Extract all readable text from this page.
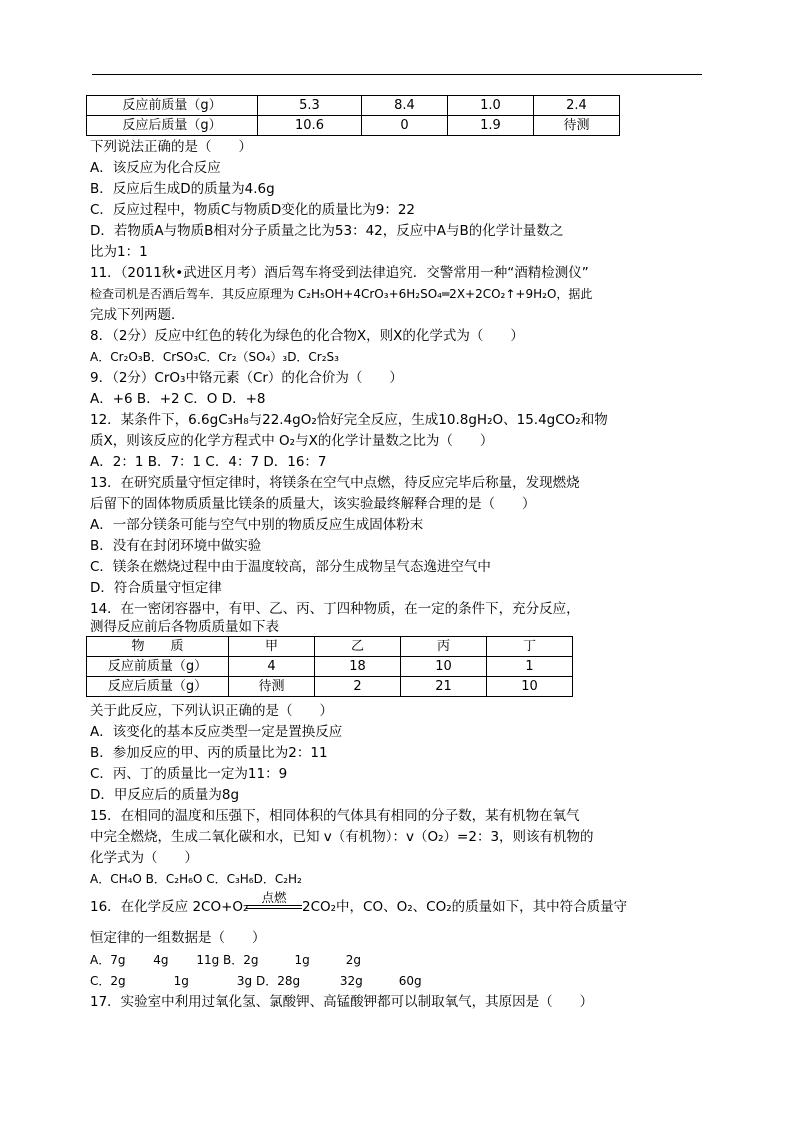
反应前质量（g）	5.3	8.4	1.0	2.4
反应后质量（g）	10.6	0	1.9	待测
下列说法正确的是（　　）
A．该反应为化合反应
B．反应后生成D的质量为4.6g
C．反应过程中，物质C与物质D变化的质量比为9：22
D．若物质A与物质B相对分子质量之比为53：42，反应中A与B的化学计量数之
比为1：1
11．（2011秋•武进区月考）酒后驾车将受到法律追究．交警常用一种“酒精检测仪”
检查司机是否酒后驾车．其反应原理为 C₂H₅OH+4CrO₃+6H₂SO₄═2X+2CO₂↑+9H₂O，据此
完成下列两题．
8．（2分）反应中红色的转化为绿色的化合物X，则X的化学式为（　　）
A．Cr₂O₃B．CrSO₃C．Cr₂（SO₄）₃D．Cr₂S₃
9．（2分）CrO₃中铬元素（Cr）的化合价为（　　）
A．+6 B．+2 C．O D．+8
12．某条件下，6.6gC₃H₈与22.4gO₂恰好完全反应，生成10.8gH₂O、15.4gCO₂和物
质X，则该反应的化学方程式中 O₂与X的化学计量数之比为（　　）
A．2：1 B．7：1 C．4：7 D．16：7
13．在研究质量守恒定律时，将镁条在空气中点燃，待反应完毕后称量，发现燃烧
后留下的固体物质质量比镁条的质量大，该实验最终解释合理的是（　　）
A．一部分镁条可能与空气中别的物质反应生成固体粉末
B．没有在封闭环境中做实验
C．镁条在燃烧过程中由于温度较高，部分生成物呈气态逸进空气中
D．符合质量守恒定律
14．在一密闭容器中，有甲、乙、丙、丁四种物质，在一定的条件下，充分反应，
测得反应前后各物质质量如下表
物　　质	甲	乙	丙	丁
反应前质量（g）	4	18	10	1
反应后质量（g）	待测	2	21	10
关于此反应，下列认识正确的是（　　）
A．该变化的基本反应类型一定是置换反应
B．参加反应的甲、丙的质量比为2：11
C．丙、丁的质量比一定为11：9
D．甲反应后的质量为8g
15．在相同的温度和压强下，相同体积的气体具有相同的分子数，某有机物在氧气
中完全燃烧，生成二氧化碳和水，已知 v（有机物）：v（O₂）=2：3，则该有机物的
化学式为（　　）
A．CH₄O B．C₂H₆O C．C₃H₆D．C₂H₂
点燃
16．在化学反应 2CO+O₂	2CO₂中，CO、O₂、CO₂的质量如下，其中符合质量守
恒定律的一组数据是（　　）
A．7g　　 4g　　 11g B．2g　　　1g　　　2g
C．2g　　　　1g　　　　3g D．28g　　　 32g　　　60g
17．实验室中利用过氧化氢、氯酸钾、高锰酸钾都可以制取氧气，其原因是（　　）
